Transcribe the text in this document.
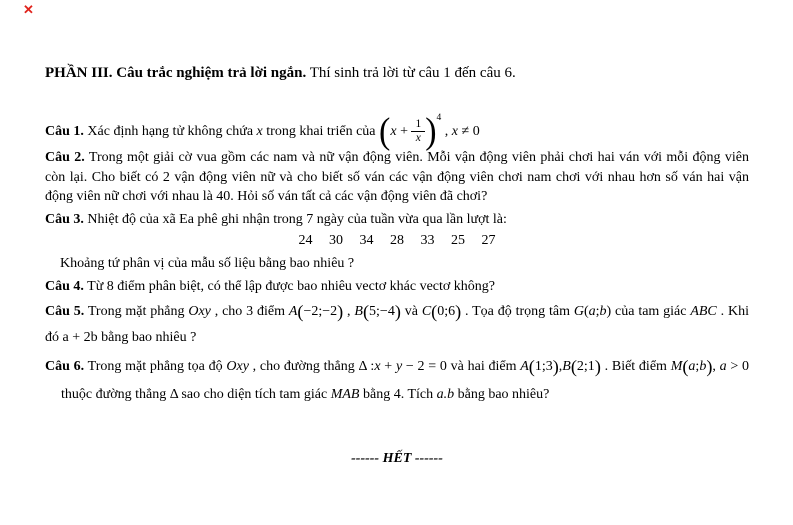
✕
PHẦN III. Câu trắc nghiệm trả lời ngắn. Thí sinh trả lời từ câu 1 đến câu 6.
Câu 1. Xác định hạng tử không chứa x trong khai triển của $(x + \frac{1}{x} )^4$ , x ≠ 0
Câu 2. Trong một giải cờ vua gồm các nam và nữ vận động viên. Mỗi vận động viên phải chơi hai ván với mỗi động viên còn lại. Cho biết có 2 vận động viên nữ và cho biết số ván các vận động viên chơi nam chơi với nhau hơn số ván hai vận động viên nữ chơi với nhau là 40. Hỏi số ván tất cả các vận động viên đã chơi?
Câu 3. Nhiệt độ của xã Ea phê ghi nhận trong 7 ngày của tuần vừa qua lần lượt là:
24 30 34 28 33 25 27
Khoảng tứ phân vị của mẫu số liệu bằng bao nhiêu ?
Câu 4. Từ 8 điểm phân biệt, có thể lập được bao nhiêu vectơ khác vectơ không?
Câu 5. Trong mặt phẳng Oxy , cho 3 điểm A(−2;−2) , B(5;−4) và C(0;6) . Tọa độ trọng tâm G(a;b) của tam giác ABC . Khi đó a + 2b bằng bao nhiêu ?
Câu 6. Trong mặt phẳng tọa độ Oxy , cho đường thẳng Δ :x + y − 2 = 0 và hai điểm A(1;3),B(2;1) . Biết điểm M(a;b), a > 0 thuộc đường thẳng Δ sao cho diện tích tam giác MAB bằng 4. Tích a.b bằng bao nhiêu?
------ HẾT ------
